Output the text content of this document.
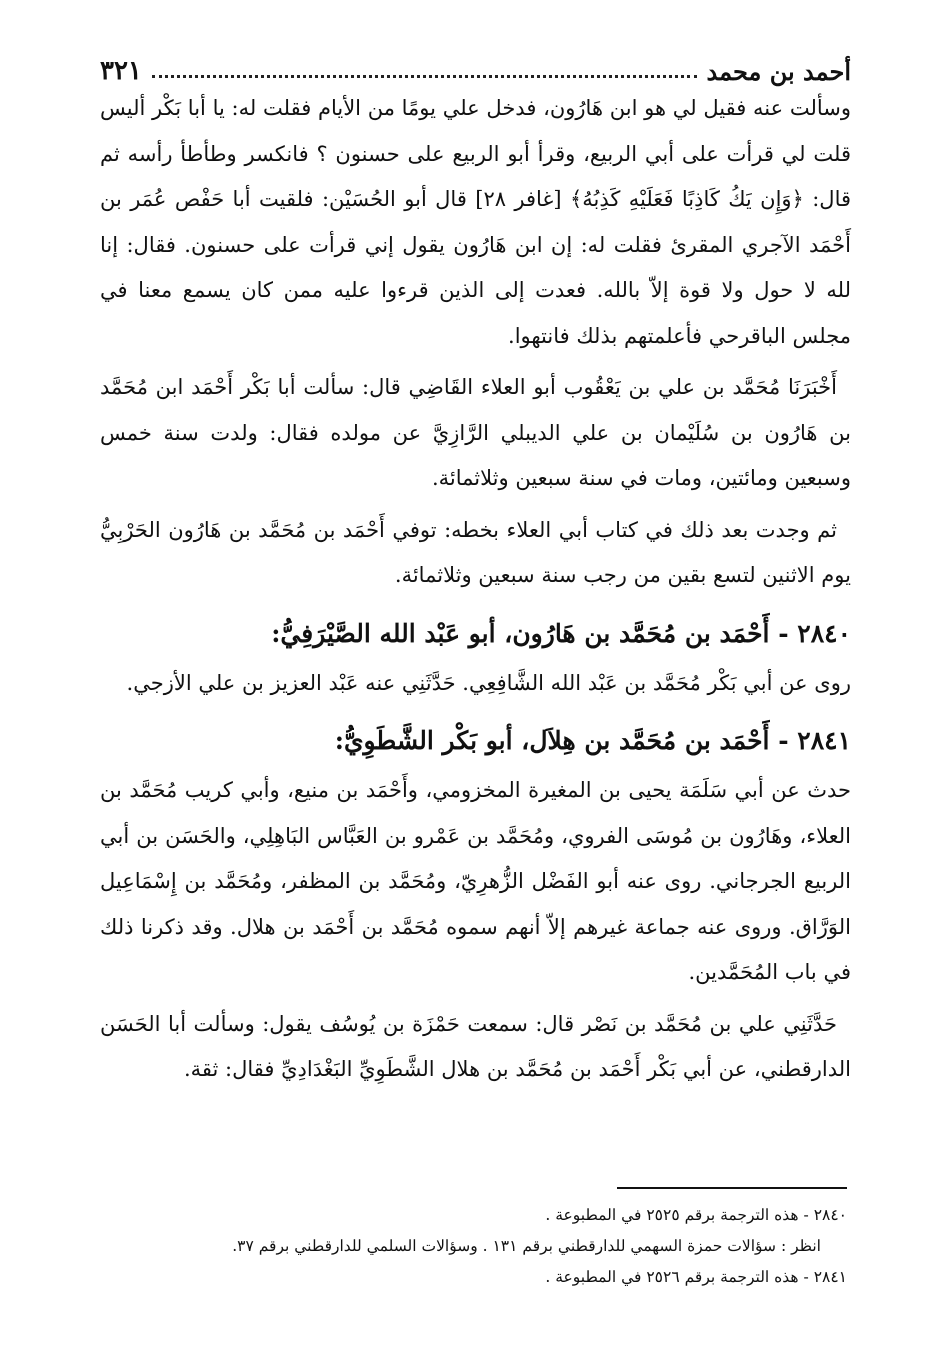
أحمد بن محمد
٣٢١

وسألت عنه فقيل لي هو ابن هَارُون، فدخل علي يومًا من الأيام فقلت له: يا أبا بَكْر أليس قلت لي قرأت على أبي الربيع، وقرأ أبو الربيع على حسنون ؟ فانكسر وطأطأ رأسه ثم قال: ﴿وَإِن يَكُ كَاذِبًا فَعَلَيْهِ كَذِبُهُ﴾ [غافر ٢٨] قال أبو الحُسَيْن: فلقيت أبا حَفْص عُمَر بن أَحْمَد الآجري المقرئ فقلت له: إن ابن هَارُون يقول إني قرأت على حسنون. فقال: إنا لله لا حول ولا قوة إلاّ بالله. فعدت إلى الذين قرءوا عليه ممن كان يسمع معنا في مجلس الباقرحي فأعلمتهم بذلك فانتهوا.

أَخْبَرَنَا مُحَمَّد بن علي بن يَعْقُوب أبو العلاء القَاضِي قال: سألت أبا بَكْر أَحْمَد ابن مُحَمَّد بن هَارُون بن سُلَيْمان بن علي الديبلي الرَّازِيَّ عن مولده فقال: ولدت سنة خمس وسبعين ومائتين، ومات في سنة سبعين وثلاثمائة.

ثم وجدت بعد ذلك في كتاب أبي العلاء بخطه: توفي أَحْمَد بن مُحَمَّد بن هَارُون الحَرْبِيُّ يوم الاثنين لتسع بقين من رجب سنة سبعين وثلاثمائة.

٢٨٤٠ - أَحْمَد بن مُحَمَّد بن هَارُون، أبو عَبْد الله الصَّيْرَفِيُّ:

روى عن أبي بَكْر مُحَمَّد بن عَبْد الله الشَّافِعِي. حَدَّثَنِي عنه عَبْد العزيز بن علي الأزجي.

٢٨٤١ - أَحْمَد بن مُحَمَّد بن هِلاَل، أبو بَكْر الشَّطَوِيُّ:

حدث عن أبي سَلَمَة يحيى بن المغيرة المخزومي، وأَحْمَد بن منيع، وأبي كريب مُحَمَّد بن العلاء، وهَارُون بن مُوسَى الفروي، ومُحَمَّد بن عَمْرو بن العَبَّاس البَاهِلِي، والحَسَن بن أبي الربيع الجرجاني. روى عنه أبو الفَضْل الزُّهرِيّ، ومُحَمَّد بن المظفر، ومُحَمَّد بن إِسْمَاعِيل الوَرَّاق. وروى عنه جماعة غيرهم إلاّ أنهم سموه مُحَمَّد بن أَحْمَد بن هلال. وقد ذكرنا ذلك في باب المُحَمَّدين.

حَدَّثَنِي علي بن مُحَمَّد بن نَصْر قال: سمعت حَمْزَة بن يُوسُف يقول: وسألت أبا الحَسَن الدارقطني، عن أبي بَكْر أَحْمَد بن مُحَمَّد بن هلال الشَّطَوِيِّ البَغْدَادِيِّ فقال: ثقة.

٢٨٤٠ - هذه الترجمة برقم ٢٥٢٥ في المطبوعة .

انظر : سؤالات حمزة السهمي للدارقطني برقم ١٣١ . وسؤالات السلمي للدارقطني برقم ٣٧.

٢٨٤١ - هذه الترجمة برقم ٢٥٢٦ في المطبوعة .
